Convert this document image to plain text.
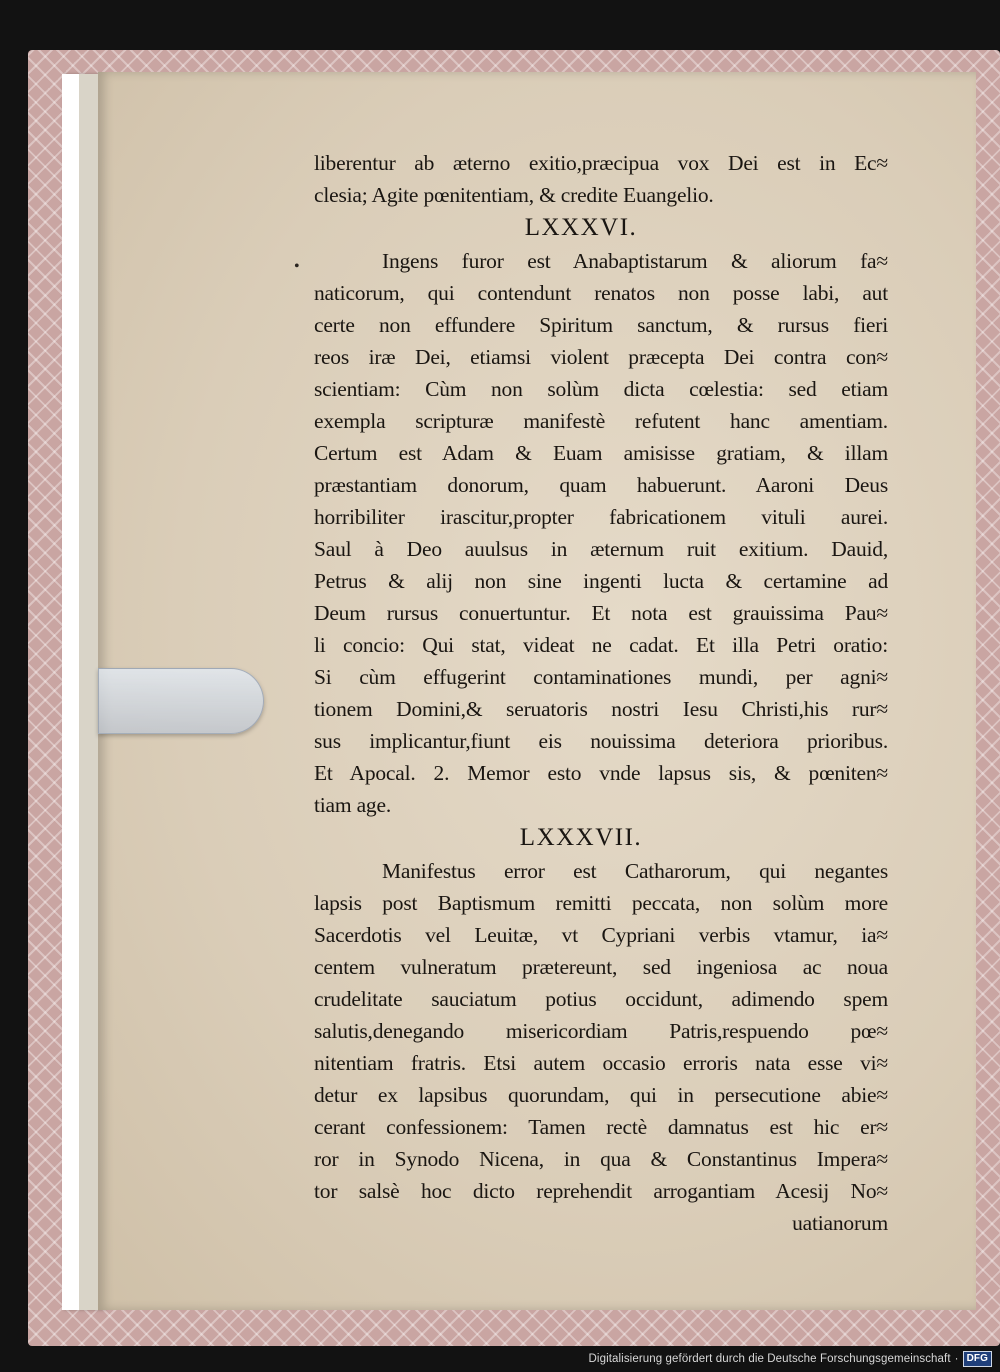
•
liberentur ab æterno exitio,præcipua vox Dei est in Ec≈
clesia; Agite pœnitentiam, & credite Euangelio.
LXXXVI.
Ingens furor est Anabaptistarum & aliorum fa≈
naticorum, qui contendunt renatos non posse labi, aut
certe non effundere Spiritum sanctum, & rursus fieri
reos iræ Dei, etiamsi violent præcepta Dei contra con≈
scientiam: Cùm non solùm dicta cœlestia: sed etiam
exempla scripturæ manifestè refutent hanc amentiam.
Certum est Adam & Euam amisisse gratiam, & illam
præstantiam donorum, quam habuerunt. Aaroni Deus
horribiliter irascitur,propter fabricationem vituli aurei.
Saul à Deo auulsus in æternum ruit exitium. Dauid,
Petrus & alij non sine ingenti lucta & certamine ad
Deum rursus conuertuntur. Et nota est grauissima Pau≈
li concio: Qui stat, videat ne cadat. Et illa Petri oratio:
Si cùm effugerint contaminationes mundi, per agni≈
tionem Domini,& seruatoris nostri Iesu Christi,his rur≈
sus implicantur,fiunt eis nouissima deteriora prioribus.
Et Apocal. 2. Memor esto vnde lapsus sis, & pœniten≈
tiam age.
LXXXVII.
Manifestus error est Catharorum, qui negantes
lapsis post Baptismum remitti peccata, non solùm more
Sacerdotis vel Leuitæ, vt Cypriani verbis vtamur, ia≈
centem vulneratum prætereunt, sed ingeniosa ac noua
crudelitate sauciatum potius occidunt, adimendo spem
salutis,denegando misericordiam Patris,respuendo pœ≈
nitentiam fratris. Etsi autem occasio erroris nata esse vi≈
detur ex lapsibus quorundam, qui in persecutione abie≈
cerant confessionem: Tamen rectè damnatus est hic er≈
ror in Synodo Nicena, in qua & Constantinus Impera≈
tor salsè hoc dicto reprehendit arrogantiam Acesij No≈
uatianorum
Digitalisierung gefördert durch die Deutsche Forschungsgemeinschaft · DFG
